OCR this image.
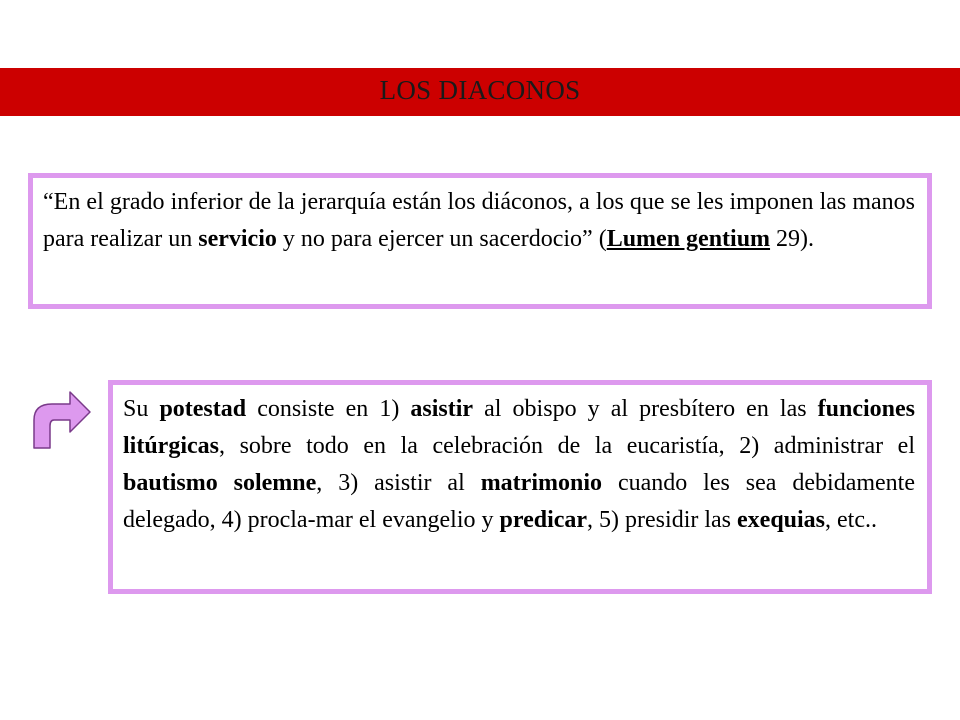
LOS DIACONOS

“En el grado inferior de la jerarquía están los diáconos, a los que se les imponen las manos para realizar un servicio y no para ejercer un sacerdocio” (Lumen gentium 29).

Su potestad consiste en 1) asistir al obispo y al presbítero en las funciones litúrgicas, sobre todo en la celebración de la eucaristía, 2) administrar el bautismo solemne, 3) asistir al matrimonio cuando les sea debidamente delegado, 4) procla-mar el evangelio y predicar, 5) presidir las exequias, etc..
